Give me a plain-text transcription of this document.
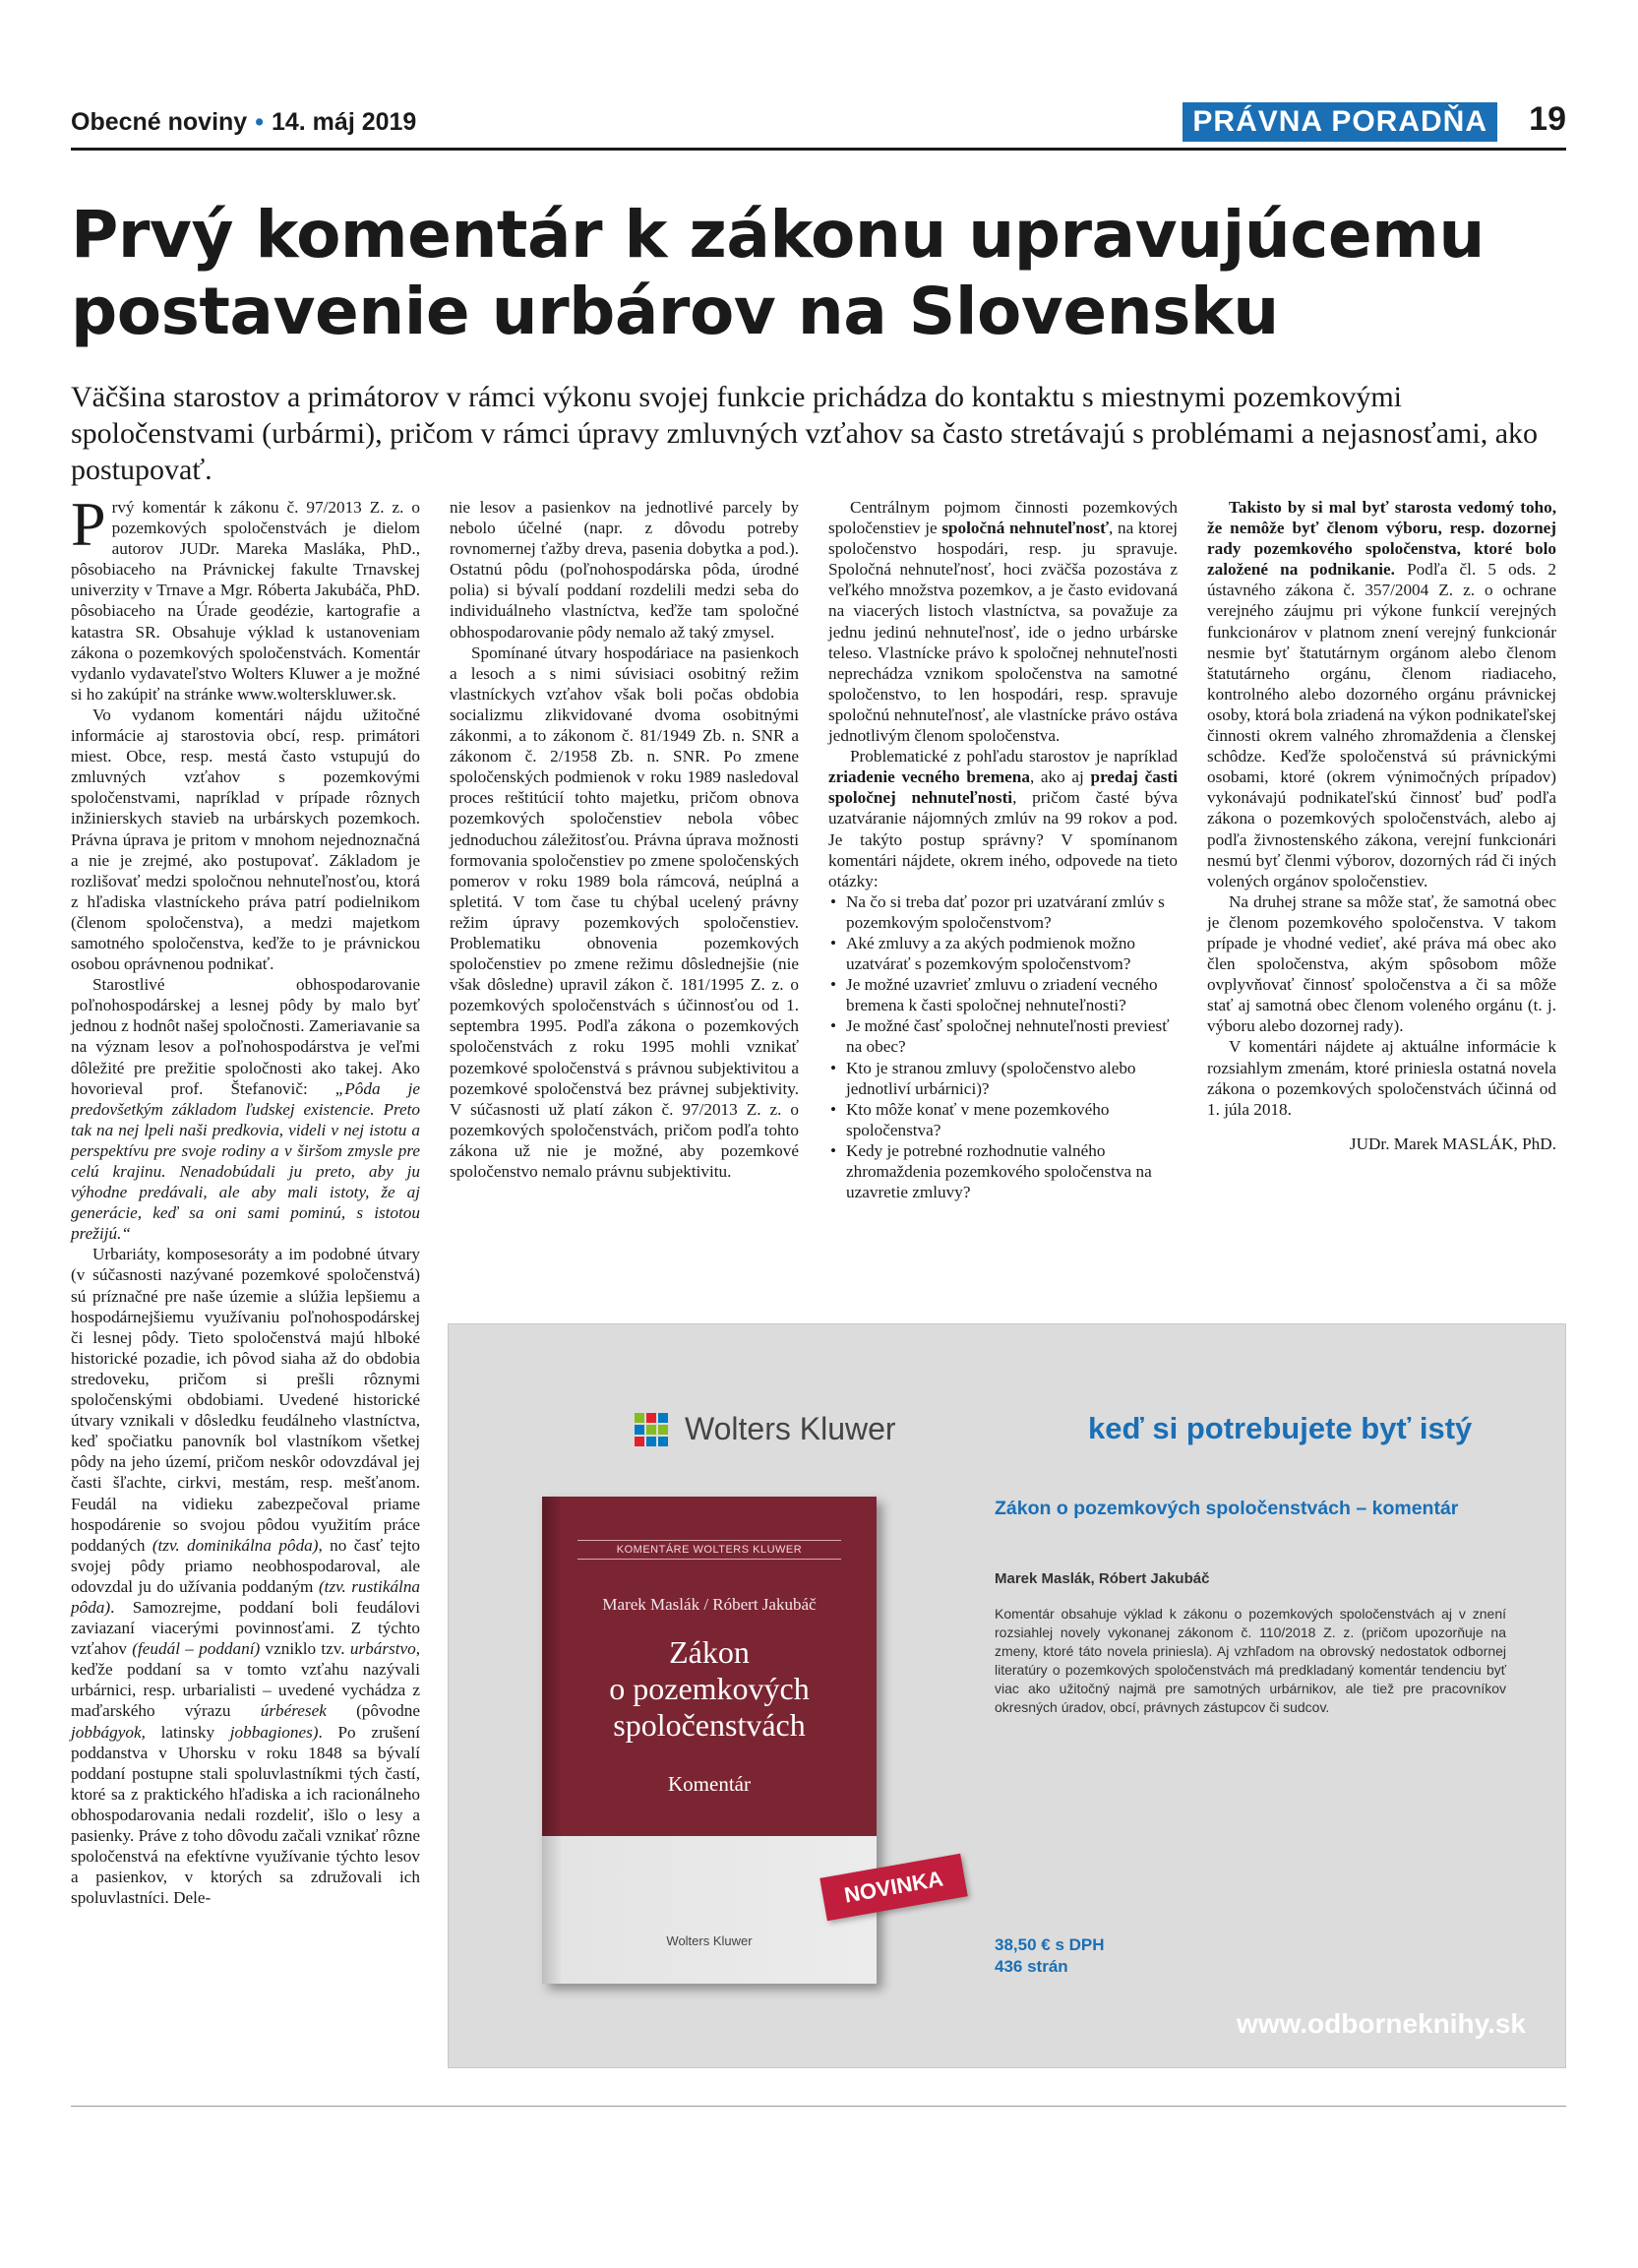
Obecné noviny • 14. máj 2019	PRÁVNA PORADŇA 19
Prvý komentár k zákonu upravujúcemu
postavenie urbárov na Slovensku

Väčšina starostov a primátorov v rámci výkonu svojej funkcie prichádza do kontaktu s miestnymi pozemkovými spoločenstvami (urbármi), pričom v rámci úpravy zmluvných vzťahov sa často stretávajú s problémami a nejasnosťami, ako postupovať.

Prvý komentár k zákonu č. 97/2013 Z. z. o pozemkových spoločenstvách je dielom autorov JUDr. Mareka Masláka, PhD., pôsobiaceho na Právnickej fakulte Trnavskej univerzity v Trnave a Mgr. Róberta Jakubáča, PhD. pôsobiaceho na Úrade geodézie, kartografie a katastra SR. Obsahuje výklad k ustanoveniam zákona o pozemkových spoločenstvách. Komentár vydanlo vydavateľstvo Wolters Kluwer a je možné si ho zakúpiť na stránke www.wolterskluwer.sk.

Vo vydanom komentári nájdu užitočné informácie aj starostovia obcí, resp. primátori miest. Obce, resp. mestá často vstupujú do zmluvných vzťahov s pozemkovými spoločenstvami, napríklad v prípade rôznych inžinierskych stavieb na urbárskych pozemkoch. Právna úprava je pritom v mnohom nejednoznačná a nie je zrejmé, ako postupovať. Základom je rozlišovať medzi spoločnou nehnuteľnosťou, ktorá z hľadiska vlastníckeho práva patrí podielnikom (členom spoločenstva), a medzi majetkom samotného spoločenstva, keďže to je právnickou osobou oprávnenou podnikať.

Starostlivé obhospodarovanie poľnohospodárskej a lesnej pôdy by malo byť jednou z hodnôt našej spoločnosti. Zameriavanie sa na význam lesov a poľnohospodárstva je veľmi dôležité pre prežitie spoločnosti ako takej. Ako hovorieval prof. Štefanovič: „Pôda je predovšetkým základom ľudskej existencie. Preto tak na nej lpeli naši predkovia, videli v nej istotu a perspektívu pre svoje rodiny a v širšom zmysle pre celú krajinu. Nenadobúdali ju preto, aby ju výhodne predávali, ale aby mali istoty, že aj generácie, keď sa oni sami pominú, s istotou prežijú.“

Urbariáty, komposesoráty a im podobné útvary (v súčasnosti nazývané pozemkové spoločenstvá) sú príznačné pre naše územie a slúžia lepšiemu a hospodárnejšiemu využívaniu poľnohospodárskej či lesnej pôdy. Tieto spoločenstvá majú hlboké historické pozadie, ich pôvod siaha až do obdobia stredoveku, pričom si prešli rôznymi spoločenskými obdobiami. Uvedené historické útvary vznikali v dôsledku feudálneho vlastníctva, keď spočiatku panovník bol vlastníkom všetkej pôdy na jeho území, pričom neskôr odovzdával jej časti šľachte, cirkvi, mestám, resp. mešťanom. Feudál na vidieku zabezpečoval priame hospodárenie so svojou pôdou využitím práce poddaných (tzv. dominikálna pôda), no časť tejto svojej pôdy priamo neobhospodaroval, ale odovzdal ju do užívania poddaným (tzv. rustikálna pôda). Samozrejme, poddaní boli feudálovi zaviazaní viacerými povinnosťami. Z týchto vzťahov (feudál – poddaní) vzniklo tzv. urbárstvo, keďže poddaní sa v tomto vzťahu nazývali urbárnici, resp. urbarialisti – uvedené vychádza z maďarského výrazu úrbéresek (pôvodne jobbágyok, latinsky jobbagiones). Po zrušení poddanstva v Uhorsku v roku 1848 sa bývalí poddaní postupne stali spoluvlastníkmi tých častí, ktoré sa z praktického hľadiska a ich racionálneho obhospodarovania nedali rozdeliť, išlo o lesy a pasienky. Práve z toho dôvodu začali vznikať rôzne spoločenstvá na efektívne využívanie týchto lesov a pasienkov, v ktorých sa združovali ich spoluvlastníci. Dele-

nie lesov a pasienkov na jednotlivé parcely by nebolo účelné (napr. z dôvodu potreby rovnomernej ťažby dreva, pasenia dobytka a pod.). Ostatnú pôdu (poľnohospodárska pôda, úrodné polia) si bývalí poddaní rozdelili medzi seba do individuálneho vlastníctva, keďže tam spoločné obhospodarovanie pôdy nemalo až taký zmysel.

Spomínané útvary hospodáriace na pasienkoch a lesoch a s nimi súvisiaci osobitný režim vlastníckych vzťahov však boli počas obdobia socializmu zlikvidované dvoma osobitnými zákonmi, a to zákonom č. 81/1949 Zb. n. SNR a zákonom č. 2/1958 Zb. n. SNR. Po zmene spoločenských podmienok v roku 1989 nasledoval proces reštitúcií tohto majetku, pričom obnova pozemkových spoločenstiev nebola vôbec jednoduchou záležitosťou. Právna úprava možnosti formovania spoločenstiev po zmene spoločenských pomerov v roku 1989 bola rámcová, neúplná a spletitá. V tom čase tu chýbal ucelený právny režim úpravy pozemkových spoločenstiev. Problematiku obnovenia pozemkových spoločenstiev po zmene režimu dôslednejšie (nie však dôsledne) upravil zákon č. 181/1995 Z. z. o pozemkových spoločenstvách s účinnosťou od 1. septembra 1995. Podľa zákona o pozemkových spoločenstvách z roku 1995 mohli vznikať pozemkové spoločenstvá s právnou subjektivitou a pozemkové spoločenstvá bez právnej subjektivity. V súčasnosti už platí zákon č. 97/2013 Z. z. o pozemkových spoločenstvách, pričom podľa tohto zákona už nie je možné, aby pozemkové spoločenstvo nemalo právnu subjektivitu.

Centrálnym pojmom činnosti pozemkových spoločenstiev je spoločná nehnuteľnosť, na ktorej spoločenstvo hospodári, resp. ju spravuje. Spoločná nehnuteľnosť, hoci zväčša pozostáva z veľkého množstva pozemkov, a je často evidovaná na viacerých listoch vlastníctva, sa považuje za jednu jedinú nehnuteľnosť, ide o jedno urbárske teleso. Vlastnícke právo k spoločnej nehnuteľnosti neprechádza vznikom spoločenstva na samotné spoločenstvo, to len hospodári, resp. spravuje spoločnú nehnuteľnosť, ale vlastnícke právo ostáva jednotlivým členom spoločenstva.

Problematické z pohľadu starostov je napríklad zriadenie vecného bremena, ako aj predaj časti spoločnej nehnuteľnosti, pričom časté býva uzatváranie nájomných zmlúv na 99 rokov a pod. Je takýto postup správny? V spomínanom komentári nájdete, okrem iného, odpovede na tieto otázky:

• Na čo si treba dať pozor pri uzatváraní zmlúv s pozemkovým spoločenstvom?
• Aké zmluvy a za akých podmienok možno uzatvárať s pozemkovým spoločenstvom?
• Je možné uzavrieť zmluvu o zriadení vecného bremena k časti spoločnej nehnuteľnosti?
• Je možné časť spoločnej nehnuteľnosti previesť na obec?
• Kto je stranou zmluvy (spoločenstvo alebo jednotliví urbárnici)?
• Kto môže konať v mene pozemkového spoločenstva?
• Kedy je potrebné rozhodnutie valného zhromaždenia pozemkového spoločenstva na uzavretie zmluvy?

Takisto by si mal byť starosta vedomý toho, že nemôže byť členom výboru, resp. dozornej rady pozemkového spoločenstva, ktoré bolo založené na podnikanie. Podľa čl. 5 ods. 2 ústavného zákona č. 357/2004 Z. z. o ochrane verejného záujmu pri výkone funkcií verejných funkcionárov v platnom znení verejný funkcionár nesmie byť štatutárnym orgánom alebo členom štatutárneho orgánu, členom riadiaceho, kontrolného alebo dozorného orgánu právnickej osoby, ktorá bola zriadená na výkon podnikateľskej činnosti okrem valného zhromaždenia a členskej schôdze. Keďže spoločenstvá sú právnickými osobami, ktoré (okrem výnimočných prípadov) vykonávajú podnikateľskú činnosť buď podľa zákona o pozemkových spoločenstvách, alebo aj podľa živnostenského zákona, verejní funkcionári nesmú byť členmi výborov, dozorných rád či iných volených orgánov spoločenstiev.

Na druhej strane sa môže stať, že samotná obec je členom pozemkového spoločenstva. V takom prípade je vhodné vedieť, aké práva má obec ako člen spoločenstva, akým spôsobom môže ovplyvňovať činnosť spoločenstva a či sa môže stať aj samotná obec členom voleného orgánu (t. j. výboru alebo dozornej rady).

V komentári nájdete aj aktuálne informácie k rozsiahlym zmenám, ktoré priniesla ostatná novela zákona o pozemkových spoločenstvách účinná od 1. júla 2018.

JUDr. Marek MASLÁK, PhD.

Wolters Kluwer	keď si potrebujete byť istý
KOMENTÁRE WOLTERS KLUWER
Marek Maslák / Róbert Jakubáč
Zákon
o pozemkových
spoločenstvách
Komentár
Wolters Kluwer
NOVINKA
Zákon o pozemkových spoločenstvách – komentár
Marek Maslák, Róbert Jakubáč
Komentár obsahuje výklad k zákonu o pozemkových spoločenstvách aj v znení rozsiahlej novely vykonanej zákonom č. 110/2018 Z. z. (pričom upozorňuje na zmeny, ktoré táto novela priniesla). Aj vzhľadom na obrovský nedostatok odbornej literatúry o pozemkových spoločenstvách má predkladaný komentár tendenciu byť viac ako užitočný najmä pre samotných urbárnikov, ale tiež pre pracovníkov okresných úradov, obcí, právnych zástupcov či sudcov.
38,50 € s DPH
436 strán
www.odborneknihy.sk
